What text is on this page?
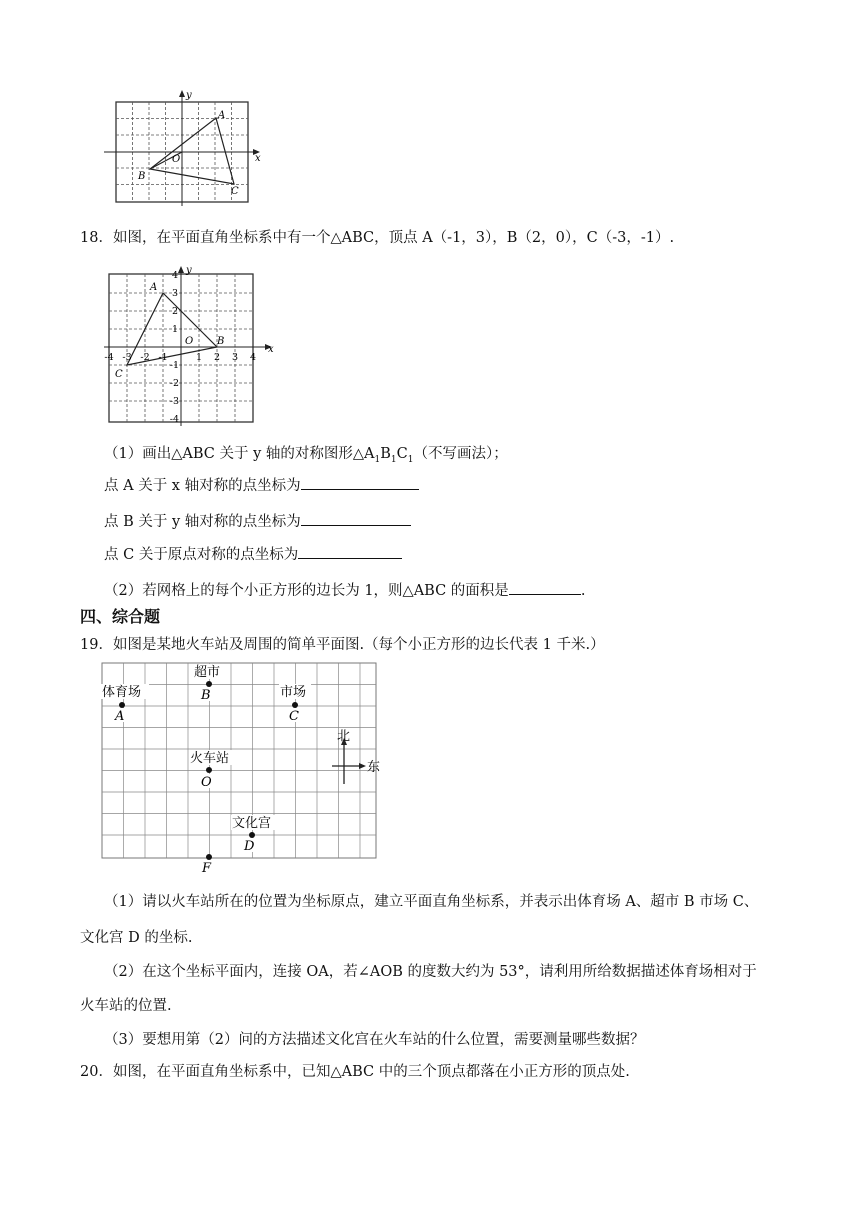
y
x
O
A
B
C
18．如图，在平面直角坐标系中有一个△ABC，顶点 A（-1，3），B（2，0），C（-3，-1）.
x
y
O
A
B
C
-4 -3 -2 -1	1 2 3 4
4
3
2
1
-1
-2
-3
-4
（1）画出△ABC 关于 y 轴的对称图形$\triangle A_1B_1C_1$（不写画法）；
点 A 关于 x 轴对称的点坐标为
点 B 关于 y 轴对称的点坐标为
点 C 关于原点对称的点坐标为
（2）若网格上的每个小正方形的边长为 1，则△ABC 的面积是	.
四、综合题
19．如图是某地火车站及周围的简单平面图.（每个小正方形的边长代表 1 千米.）
超市
体育场	市场
火车站
文化宫
B
A	C
O
D
F
北
东
（1）请以火车站所在的位置为坐标原点，建立平面直角坐标系，并表示出体育场 A、超市 B 市场 C、
文化宫 D 的坐标.
（2）在这个坐标平面内，连接 OA，若∠AOB 的度数大约为 53°，请利用所给数据描述体育场相对于
火车站的位置.
（3）要想用第（2）问的方法描述文化宫在火车站的什么位置，需要测量哪些数据？
20．如图，在平面直角坐标系中，已知△ABC 中的三个顶点都落在小正方形的顶点处.
